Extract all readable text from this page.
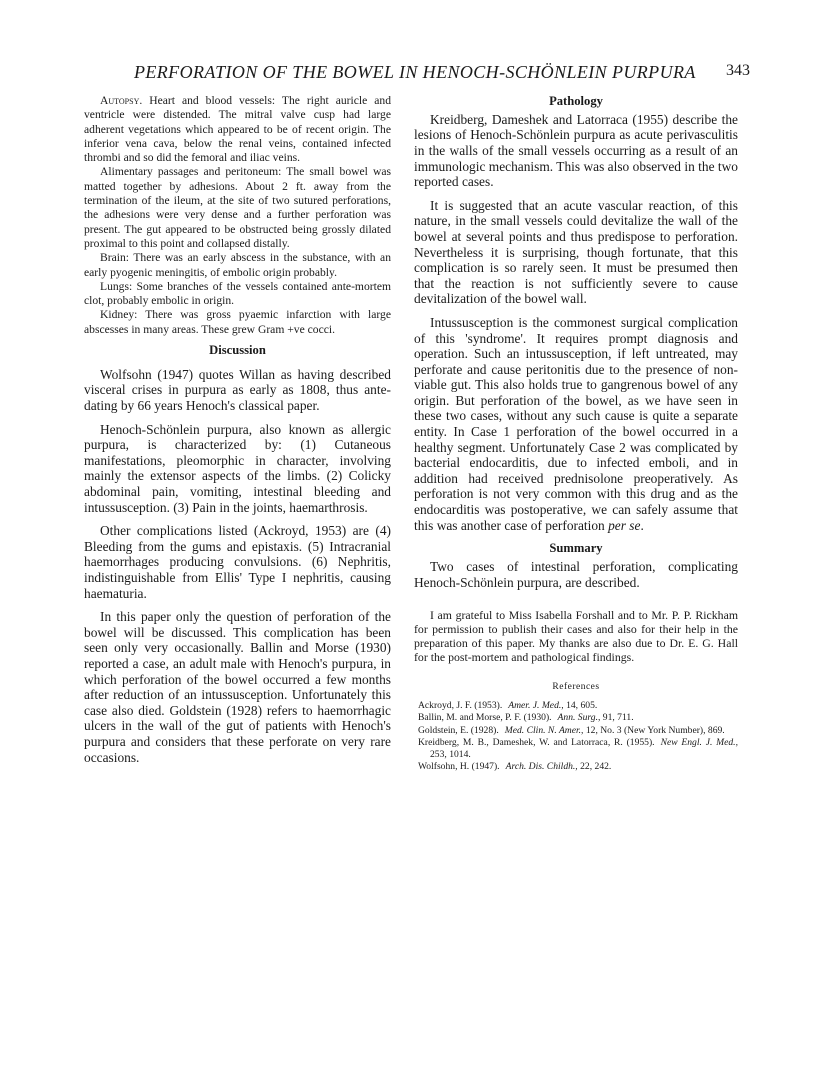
PERFORATION OF THE BOWEL IN HENOCH-SCHÖNLEIN PURPURA 343

Autopsy. Heart and blood vessels: The right auricle and ventricle were distended. The mitral valve cusp had large adherent vegetations which appeared to be of recent origin. The inferior vena cava, below the renal veins, contained infected thrombi and so did the femoral and iliac veins.

Alimentary passages and peritoneum: The small bowel was matted together by adhesions. About 2 ft. away from the termination of the ileum, at the site of two sutured perforations, the adhesions were very dense and a further perforation was present. The gut appeared to be obstructed being grossly dilated proximal to this point and collapsed distally.

Brain: There was an early abscess in the substance, with an early pyogenic meningitis, of embolic origin probably.

Lungs: Some branches of the vessels contained ante-mortem clot, probably embolic in origin.

Kidney: There was gross pyaemic infarction with large abscesses in many areas. These grew Gram +ve cocci.

Discussion

Wolfsohn (1947) quotes Willan as having described visceral crises in purpura as early as 1808, thus ante-dating by 66 years Henoch's classical paper.

Henoch-Schönlein purpura, also known as allergic purpura, is characterized by: (1) Cutaneous manifestations, pleomorphic in character, involving mainly the extensor aspects of the limbs. (2) Colicky abdominal pain, vomiting, intestinal bleeding and intussusception. (3) Pain in the joints, haemarthrosis.

Other complications listed (Ackroyd, 1953) are (4) Bleeding from the gums and epistaxis. (5) Intracranial haemorrhages producing convulsions. (6) Nephritis, indistinguishable from Ellis' Type I nephritis, causing haematuria.

In this paper only the question of perforation of the bowel will be discussed. This complication has been seen only very occasionally. Ballin and Morse (1930) reported a case, an adult male with Henoch's purpura, in which perforation of the bowel occurred a few months after reduction of an intussusception. Unfortunately this case also died. Goldstein (1928) refers to haemorrhagic ulcers in the wall of the gut of patients with Henoch's purpura and considers that these perforate on very rare occasions.

Pathology

Kreidberg, Dameshek and Latorraca (1955) describe the lesions of Henoch-Schönlein purpura as acute perivasculitis in the walls of the small vessels occurring as a result of an immunologic mechanism. This was also observed in the two reported cases.

It is suggested that an acute vascular reaction, of this nature, in the small vessels could devitalize the wall of the bowel at several points and thus predispose to perforation. Nevertheless it is surprising, though fortunate, that this complication is so rarely seen. It must be presumed then that the reaction is not sufficiently severe to cause devitalization of the bowel wall.

Intussusception is the commonest surgical complication of this 'syndrome'. It requires prompt diagnosis and operation. Such an intussusception, if left untreated, may perforate and cause peritonitis due to the presence of non-viable gut. This also holds true to gangrenous bowel of any origin. But perforation of the bowel, as we have seen in these two cases, without any such cause is quite a separate entity. In Case 1 perforation of the bowel occurred in a healthy segment. Unfortunately Case 2 was complicated by bacterial endocarditis, due to infected emboli, and in addition had received prednisolone preoperatively. As perforation is not very common with this drug and as the endocarditis was postoperative, we can safely assume that this was another case of perforation per se.

Summary

Two cases of intestinal perforation, complicating Henoch-Schönlein purpura, are described.

I am grateful to Miss Isabella Forshall and to Mr. P. P. Rickham for permission to publish their cases and also for their help in the preparation of this paper. My thanks are also due to Dr. E. G. Hall for the post-mortem and pathological findings.

References
Ackroyd, J. F. (1953). Amer. J. Med., 14, 605.
Ballin, M. and Morse, P. F. (1930). Ann. Surg., 91, 711.
Goldstein, E. (1928). Med. Clin. N. Amer., 12, No. 3 (New York Number), 869.
Kreidberg, M. B., Dameshek, W. and Latorraca, R. (1955). New Engl. J. Med., 253, 1014.
Wolfsohn, H. (1947). Arch. Dis. Childh., 22, 242.
